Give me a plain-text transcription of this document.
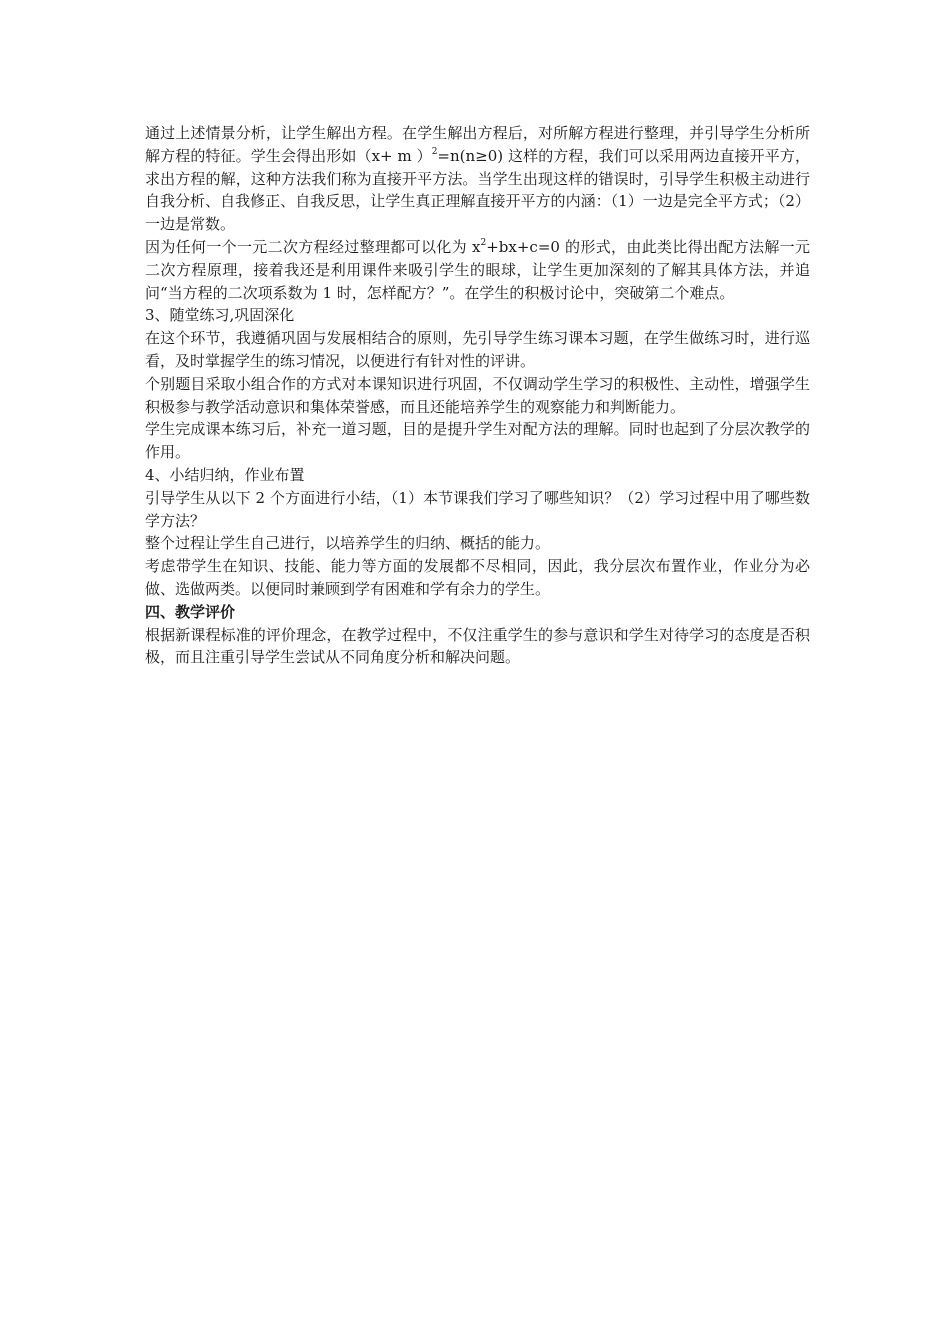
通过上述情景分析，让学生解出方程。在学生解出方程后，对所解方程进行整理，并引导学生分析所解方程的特征。学生会得出形如（x+ m ）$^2$=n(n≥0) 这样的方程，我们可以采用两边直接开平方，求出方程的解，这种方法我们称为直接开平方法。当学生出现这样的错误时，引导学生积极主动进行自我分析、自我修正、自我反思，让学生真正理解直接开平方的内涵：（1）一边是完全平方式；（2）一边是常数。

因为任何一个一元二次方程经过整理都可以化为 $x^2+bx+c=0$ 的形式，由此类比得出配方法解一元二次方程原理，接着我还是利用课件来吸引学生的眼球，让学生更加深刻的了解其具体方法，并追问“当方程的二次项系数为 1 时，怎样配方？”。在学生的积极讨论中，突破第二个难点。

3、随堂练习,巩固深化

在这个环节，我遵循巩固与发展相结合的原则，先引导学生练习课本习题，在学生做练习时，进行巡看，及时掌握学生的练习情况，以便进行有针对性的评讲。

个别题目采取小组合作的方式对本课知识进行巩固，不仅调动学生学习的积极性、主动性，增强学生积极参与教学活动意识和集体荣誉感，而且还能培养学生的观察能力和判断能力。

学生完成课本练习后，补充一道习题，目的是提升学生对配方法的理解。同时也起到了分层次教学的作用。

4、小结归纳，作业布置

引导学生从以下 2 个方面进行小结，（1）本节课我们学习了哪些知识？（2）学习过程中用了哪些数学方法？

整个过程让学生自己进行，以培养学生的归纳、概括的能力。

考虑带学生在知识、技能、能力等方面的发展都不尽相同，因此，我分层次布置作业，作业分为必做、选做两类。以便同时兼顾到学有困难和学有余力的学生。

四、教学评价

根据新课程标准的评价理念，在教学过程中，不仅注重学生的参与意识和学生对待学习的态度是否积极，而且注重引导学生尝试从不同角度分析和解决问题。
